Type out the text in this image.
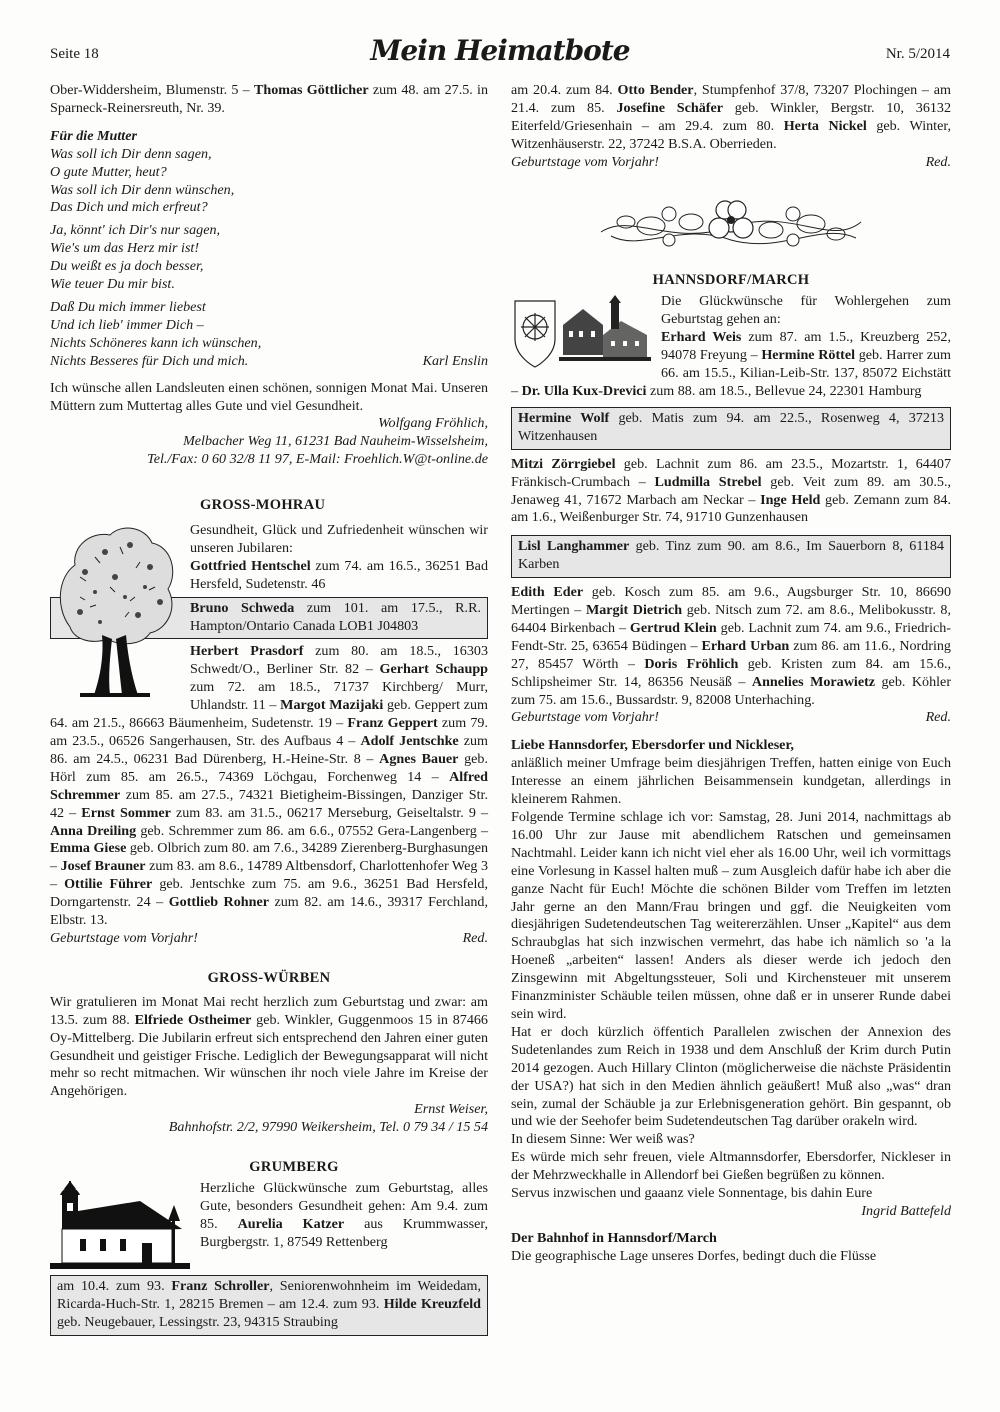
Seite 18	Mein Heimatbote	Nr. 5/2014

Ober-Widdersheim, Blumenstr. 5 – Thomas Göttlicher zum 48. am 27.5. in Sparneck-Reinersreuth, Nr. 39.

Für die Mutter

Was soll ich Dir denn sagen,
O gute Mutter, heut?
Was soll ich Dir denn wünschen,
Das Dich und mich erfreut?
Ja, könnt' ich Dir's nur sagen,
Wie's um das Herz mir ist!
Du weißt es ja doch besser,
Wie teuer Du mir bist.
Daß Du mich immer liebest
Und ich lieb' immer Dich –
Nichts Schöneres kann ich wünschen,
Nichts Besseres für Dich und mich.	Karl Enslin

Ich wünsche allen Landsleuten einen schönen, sonnigen Monat Mai. Unseren Müttern zum Muttertag alles Gute und viel Gesundheit.

Wolfgang Fröhlich,

Melbacher Weg 11, 61231 Bad Nauheim-Wisselsheim,

Tel./Fax: 0 60 32/8 11 97, E-Mail: Froehlich.W@t-online.de

GROSS-MOHRAU

Gesundheit, Glück und Zufriedenheit wünschen wir unseren Jubilaren:

Gottfried Hentschel zum 74. am 16.5., 36251 Bad Hersfeld, Sudetenstr. 46

Bruno Schweda zum 101. am 17.5., R.R. Hampton/Ontario Canada LOB1 J04803

Herbert Prasdorf zum 80. am 18.5., 16303 Schwedt/O., Berliner Str. 82 – Gerhart Schaupp zum 72. am 18.5., 71737 Kirchberg/ Murr, Uhlandstr. 11 – Margot Mazijaki geb. Geppert zum 64. am 21.5., 86663 Bäumenheim, Sudetenstr. 19 – Franz Geppert zum 79. am 23.5., 06526 Sangerhausen, Str. des Aufbaus 4 – Adolf Jentschke zum 86. am 24.5., 06231 Bad Dürenberg, H.-Heine-Str. 8 – Agnes Bauer geb. Hörl zum 85. am 26.5., 74369 Löchgau, Forchenweg 14 – Alfred Schremmer zum 85. am 27.5., 74321 Bietigheim-Bissingen, Danziger Str. 42 – Ernst Sommer zum 83. am 31.5., 06217 Merseburg, Geiseltalstr. 9 – Anna Dreiling geb. Schremmer zum 86. am 6.6., 07552 Gera-Langenberg – Emma Giese geb. Olbrich zum 80. am 7.6., 34289 Zierenberg-Burghasungen – Josef Brauner zum 83. am 8.6., 14789 Altbensdorf, Charlottenhofer Weg 3 – Ottilie Führer geb. Jentschke zum 75. am 9.6., 36251 Bad Hersfeld, Dorngartenstr. 24 – Gottlieb Rohner zum 82. am 14.6., 39317 Ferchland, Elbstr. 13.

Geburtstage vom Vorjahr!	Red.
GROSS-WÜRBEN

Wir gratulieren im Monat Mai recht herzlich zum Geburtstag und zwar: am 13.5. zum 88. Elfriede Ostheimer geb. Winkler, Guggenmoos 15 in 87466 Oy-Mittelberg. Die Jubilarin erfreut sich entsprechend den Jahren einer guten Gesundheit und geistiger Frische. Lediglich der Bewegungsapparat will nicht mehr so recht mitmachen. Wir wünschen ihr noch viele Jahre im Kreise der Angehörigen.

Ernst Weiser,

Bahnhofstr. 2/2, 97990 Weikersheim, Tel. 0 79 34 / 15 54

GRUMBERG

Herzliche Glückwünsche zum Geburtstag, alles Gute, besonders Gesundheit gehen: Am 9.4. zum 85. Aurelia Katzer aus Krummwasser, Burgbergstr. 1, 87549 Rettenberg

am 10.4. zum 93. Franz Schroller, Seniorenwohnheim im Weidedam, Ricarda-Huch-Str. 1, 28215 Bremen – am 12.4. zum 93. Hilde Kreuzfeld geb. Neugebauer, Lessingstr. 23, 94315 Straubing

am 20.4. zum 84. Otto Bender, Stumpfenhof 37/8, 73207 Plochingen – am 21.4. zum 85. Josefine Schäfer geb. Winkler, Bergstr. 10, 36132 Eiterfeld/Griesenhain – am 29.4. zum 80. Herta Nickel geb. Winter, Witzenhäuserstr. 22, 37242 B.S.A. Oberrieden.

Geburtstage vom Vorjahr!	Red.
HANNSDORF/MARCH

Die Glückwünsche für Wohlergehen zum Geburtstag gehen an:

Erhard Weis zum 87. am 1.5., Kreuzberg 252, 94078 Freyung – Hermine Röttel geb. Harrer zum 66. am 15.5., Kilian-Leib-Str. 137, 85072 Eichstätt – Dr. Ulla Kux-Drevici zum 88. am 18.5., Bellevue 24, 22301 Hamburg

Hermine Wolf geb. Matis zum 94. am 22.5., Rosenweg 4, 37213 Witzenhausen

Mitzi Zörrgiebel geb. Lachnit zum 86. am 23.5., Mozartstr. 1, 64407 Fränkisch-Crumbach – Ludmilla Strebel geb. Veit zum 89. am 30.5., Jenaweg 41, 71672 Marbach am Neckar – Inge Held geb. Zemann zum 84. am 1.6., Weißenburger Str. 74, 91710 Gunzenhausen

Lisl Langhammer geb. Tinz zum 90. am 8.6., Im Sauerborn 8, 61184 Karben

Edith Eder geb. Kosch zum 85. am 9.6., Augsburger Str. 10, 86690 Mertingen – Margit Dietrich geb. Nitsch zum 72. am 8.6., Melibokusstr. 8, 64404 Birkenbach – Gertrud Klein geb. Lachnit zum 74. am 9.6., Friedrich-Fendt-Str. 25, 63654 Büdingen – Erhard Urban zum 86. am 11.6., Nordring 27, 85457 Wörth – Doris Fröhlich geb. Kristen zum 84. am 15.6., Schlipsheimer Str. 14, 86356 Neusäß – Annelies Morawietz geb. Köhler zum 75. am 15.6., Bussardstr. 9, 82008 Unterhaching.

Geburtstage vom Vorjahr!	Red.

Liebe Hannsdorfer, Ebersdorfer und Nickleser,

anläßlich meiner Umfrage beim diesjährigen Treffen, hatten einige von Euch Interesse an einem jährlichen Beisammensein kundgetan, allerdings in kleinerem Rahmen.

Folgende Termine schlage ich vor: Samstag, 28. Juni 2014, nachmittags ab 16.00 Uhr zur Jause mit abendlichem Ratschen und gemeinsamen Nachtmahl. Leider kann ich nicht viel eher als 16.00 Uhr, weil ich vormittags eine Vorlesung in Kassel halten muß – zum Ausgleich dafür habe ich aber die ganze Nacht für Euch! Möchte die schönen Bilder vom Treffen im letzten Jahr gerne an den Mann/Frau bringen und ggf. die Neuigkeiten vom diesjährigen Sudetendeutschen Tag weitererzählen. Unser „Kapitel“ aus dem Schraubglas hat sich inzwischen vermehrt, das habe ich nämlich so 'a la Hoeneß „arbeiten“ lassen! Anders als dieser werde ich jedoch den Zinsgewinn mit Abgeltungssteuer, Soli und Kirchensteuer mit unserem Finanzminister Schäuble teilen müssen, ohne daß er in unserer Runde dabei sein wird.

Hat er doch kürzlich öffentich Parallelen zwischen der Annexion des Sudetenlandes zum Reich in 1938 und dem Anschluß der Krim durch Putin 2014 gezogen. Auch Hillary Clinton (möglicherweise die nächste Präsidentin der USA?) hat sich in den Medien ähnlich geäußert! Muß also „was“ dran sein, zumal der Schäuble ja zur Erlebnisgeneration gehört. Bin gespannt, ob und wie der Seehofer beim Sudetendeutschen Tag darüber orakeln wird.

In diesem Sinne: Wer weiß was?

Es würde mich sehr freuen, viele Altmannsdorfer, Ebersdorfer, Nickleser in der Mehrzweckhalle in Allendorf bei Gießen begrüßen zu können.

Servus inzwischen und gaaanz viele Sonnentage, bis dahin Eure

Ingrid Battefeld

Der Bahnhof in Hannsdorf/March

Die geographische Lage unseres Dorfes, bedingt duch die Flüsse
